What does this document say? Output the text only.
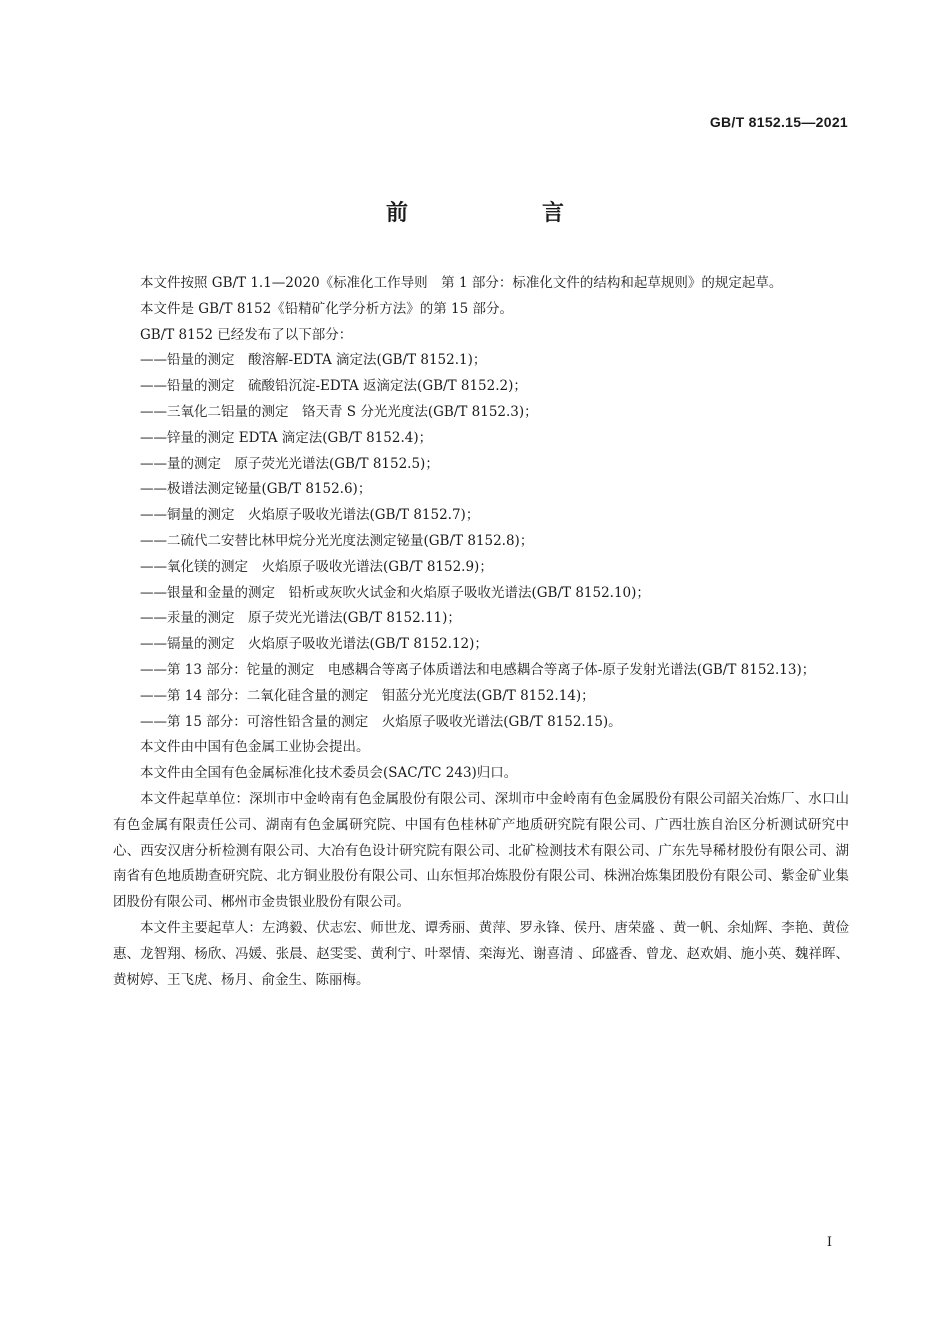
GB/T 8152.15—2021
前　言

本文件按照 GB/T 1.1—2020《标准化工作导则　第 1 部分：标准化文件的结构和起草规则》的规定起草。

本文件是 GB/T 8152《铅精矿化学分析方法》的第 15 部分。

GB/T 8152 已经发布了以下部分：

——铅量的测定　酸溶解-EDTA 滴定法(GB/T 8152.1)；

——铅量的测定　硫酸铅沉淀-EDTA 返滴定法(GB/T 8152.2)；

——三氧化二铝量的测定　铬天青 S 分光光度法(GB/T 8152.3)；

——锌量的测定 EDTA 滴定法(GB/T 8152.4)；

——量的测定　原子荧光光谱法(GB/T 8152.5)；

——极谱法测定铋量(GB/T 8152.6)；

——铜量的测定　火焰原子吸收光谱法(GB/T 8152.7)；

——二硫代二安替比林甲烷分光光度法测定铋量(GB/T 8152.8)；

——氧化镁的测定　火焰原子吸收光谱法(GB/T 8152.9)；

——银量和金量的测定　铅析或灰吹火试金和火焰原子吸收光谱法(GB/T 8152.10)；

——汞量的测定　原子荧光光谱法(GB/T 8152.11)；

——镉量的测定　火焰原子吸收光谱法(GB/T 8152.12)；

——第 13 部分：铊量的测定　电感耦合等离子体质谱法和电感耦合等离子体-原子发射光谱法(GB/T 8152.13)；

——第 14 部分：二氧化硅含量的测定　钼蓝分光光度法(GB/T 8152.14)；

——第 15 部分：可溶性铅含量的测定　火焰原子吸收光谱法(GB/T 8152.15)。

本文件由中国有色金属工业协会提出。

本文件由全国有色金属标准化技术委员会(SAC/TC 243)归口。

本文件起草单位：深圳市中金岭南有色金属股份有限公司、深圳市中金岭南有色金属股份有限公司韶关冶炼厂、水口山有色金属有限责任公司、湖南有色金属研究院、中国有色桂林矿产地质研究院有限公司、广西壮族自治区分析测试研究中心、西安汉唐分析检测有限公司、大冶有色设计研究院有限公司、北矿检测技术有限公司、广东先导稀材股份有限公司、湖南省有色地质勘查研究院、北方铜业股份有限公司、山东恒邦冶炼股份有限公司、株洲冶炼集团股份有限公司、紫金矿业集团股份有限公司、郴州市金贵银业股份有限公司。

本文件主要起草人：左鸿毅、伏志宏、师世龙、谭秀丽、黄萍、罗永锋、侯丹、唐荣盛 、黄一帆、余灿辉、李艳、黄俭惠、龙智翔、杨欣、冯媛、张晨、赵雯雯、黄利宁、叶翠情、栾海光、谢喜清 、邱盛香、曾龙、赵欢娟、施小英、魏祥晖、黄树婷、王飞虎、杨月、俞金生、陈丽梅。

Ⅰ
